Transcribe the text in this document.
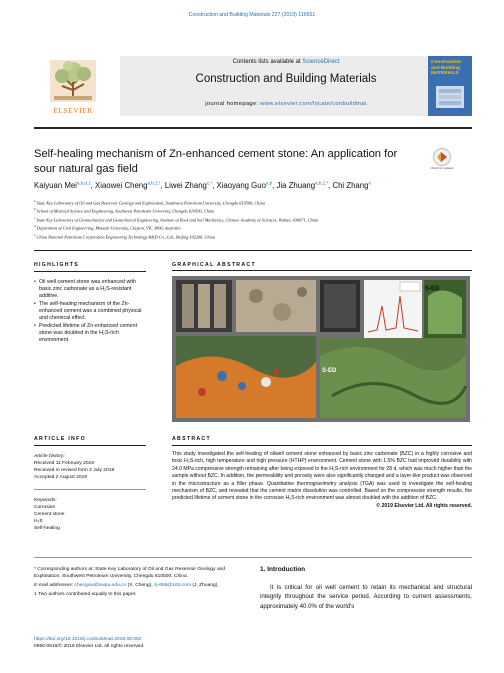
Construction and Building Materials 227 (2019) 116651
ELSEVIER
Contents lists available at ScienceDirect
Construction and Building Materials
journal homepage: www.elsevier.com/locate/conbuildmat
Construction and Building MATERIALS
Self-healing mechanism of Zn-enhanced cement stone: An application for sour natural gas field	Check for updates
Kaiyuan Mei$^{a,b,d,1}$, Xiaowei Cheng$^{a,b,1,*}$, Liwei Zhang$^{c,*}$, Xiaoyang Guo$^{a,b}$, Jia Zhuang$^{a,b,1,*}$, Chi Zhang$^e$
$^a$ State Key Laboratory of Oil and Gas Reservoir Geology and Exploitation, Southwest Petroleum University, Chengdu 610500, China
$^b$ School of Material Science and Engineering, Southwest Petroleum University, Chengdu 610500, China
$^c$ State Key Laboratory of Geomechanics and Geotechnical Engineering, Institute of Rock and Soil Mechanics, Chinese Academy of Sciences, Wuhan, 430071, China
$^d$ Department of Civil Engineering, Monash University, Clayton, VIC 3800, Australia
$^e$ China National Petroleum Corporation Engineering Technology R&D Co., Ltd., Beijing 102206, China
HIGHLIGHTS
• Oil well cement stone was enhanced with basic zinc carbonate as a H₂S-resistant additive.
• The self-healing mechanism of the Zn-enhanced cement was a combined physical and chemical effect.
• Predicted lifetime of Zn-enhanced cement stone was doubled in the H₂S-rich environment.
GRAPHICAL ABSTRACT
S-ED
S-ED
ARTICLE INFO
Article history:
Received 11 February 2019
Received in revised form 2 July 2019
Accepted 2 August 2019
Keywords:
Corrosion
Cement stone
H₂S
Self-healing
ABSTRACT
This study investigated the self-healing of oilwell cement stone enhanced by basic zinc carbonate (BZC) in a highly corrosive and toxic H₂S-rich, high temperature and high pressure (HTHP) environment. Cement stone with 1.5% BZC had improved durability with 24.0 MPa compressive strength remaining after being exposed to the H₂S-rich environment for 28 d, which was much higher than the sample without BZC. In addition, the permeability and porosity were also significantly changed and a layer-like product was observed in the microstructure as a filler phase. Quantitative thermogravimetry analysis (TGA) was used to investigate the self-healing mechanism of BZC, and revealed that the cement matrix dissolution was controlled. Based on the compressive strength results, the predicted lifetime of cement stone in the corrosive H₂S-rich environment was almost doubled with the addition of BZC.
© 2019 Elsevier Ltd. All rights reserved.
* Corresponding authors at: State Key Laboratory of Oil and Gas Reservoir Geology and Exploitation, Southwest Petroleum University, Chengdu 610500, China.
E-mail addresses: chengxw@swpu.edu.cn (X. Cheng), zj-656@163.com (J. Zhuang).
1 Two authors contributed equally to this paper.
https://doi.org/10.1016/j.conbuildmat.2019.08.052
0950-0618/© 2019 Elsevier Ltd. All rights reserved.
1. Introduction
It is critical for oil well cement to retain its mechanical and structural integrity throughout the service period. According to current assessments, approximately 40.0% of the world's
